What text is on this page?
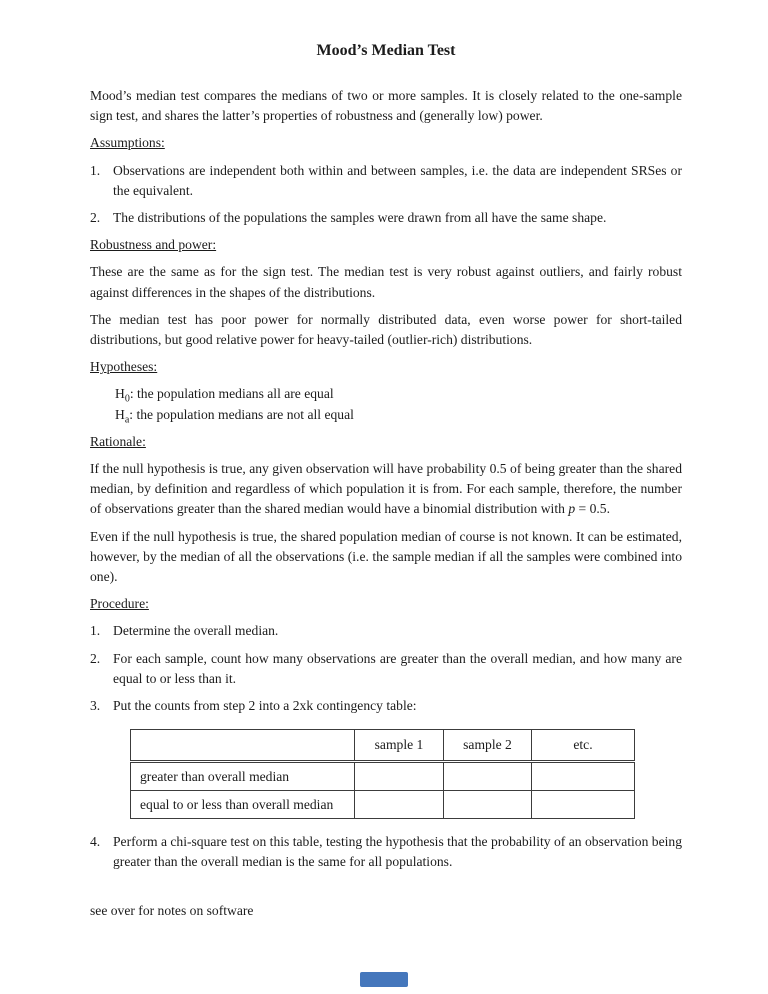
Mood’s Median Test

Mood’s median test compares the medians of two or more samples. It is closely related to the one-sample sign test, and shares the latter’s properties of robustness and (generally low) power.

Assumptions:
1. Observations are independent both within and between samples, i.e. the data are independent SRSes or the equivalent.
2. The distributions of the populations the samples were drawn from all have the same shape.
Robustness and power:

These are the same as for the sign test. The median test is very robust against outliers, and fairly robust against differences in the shapes of the distributions.

The median test has poor power for normally distributed data, even worse power for short-tailed distributions, but good relative power for heavy-tailed (outlier-rich) distributions.

Hypotheses:
$H_0$: the population medians all are equal
$H_a$: the population medians are not all equal
Rationale:

If the null hypothesis is true, any given observation will have probability 0.5 of being greater than the shared median, by definition and regardless of which population it is from. For each sample, therefore, the number of observations greater than the shared median would have a binomial distribution with p = 0.5.

Even if the null hypothesis is true, the shared population median of course is not known. It can be estimated, however, by the median of all the observations (i.e. the sample median if all the samples were combined into one).

Procedure:
1. Determine the overall median.
2. For each sample, count how many observations are greater than the overall median, and how many are equal to or less than it.
3. Put the counts from step 2 into a 2xk contingency table:
	sample 1	sample 2	etc.
greater than overall median			
equal to or less than overall median			
4. Perform a chi-square test on this table, testing the hypothesis that the probability of an observation being greater than the overall median is the same for all populations.
see over for notes on software
